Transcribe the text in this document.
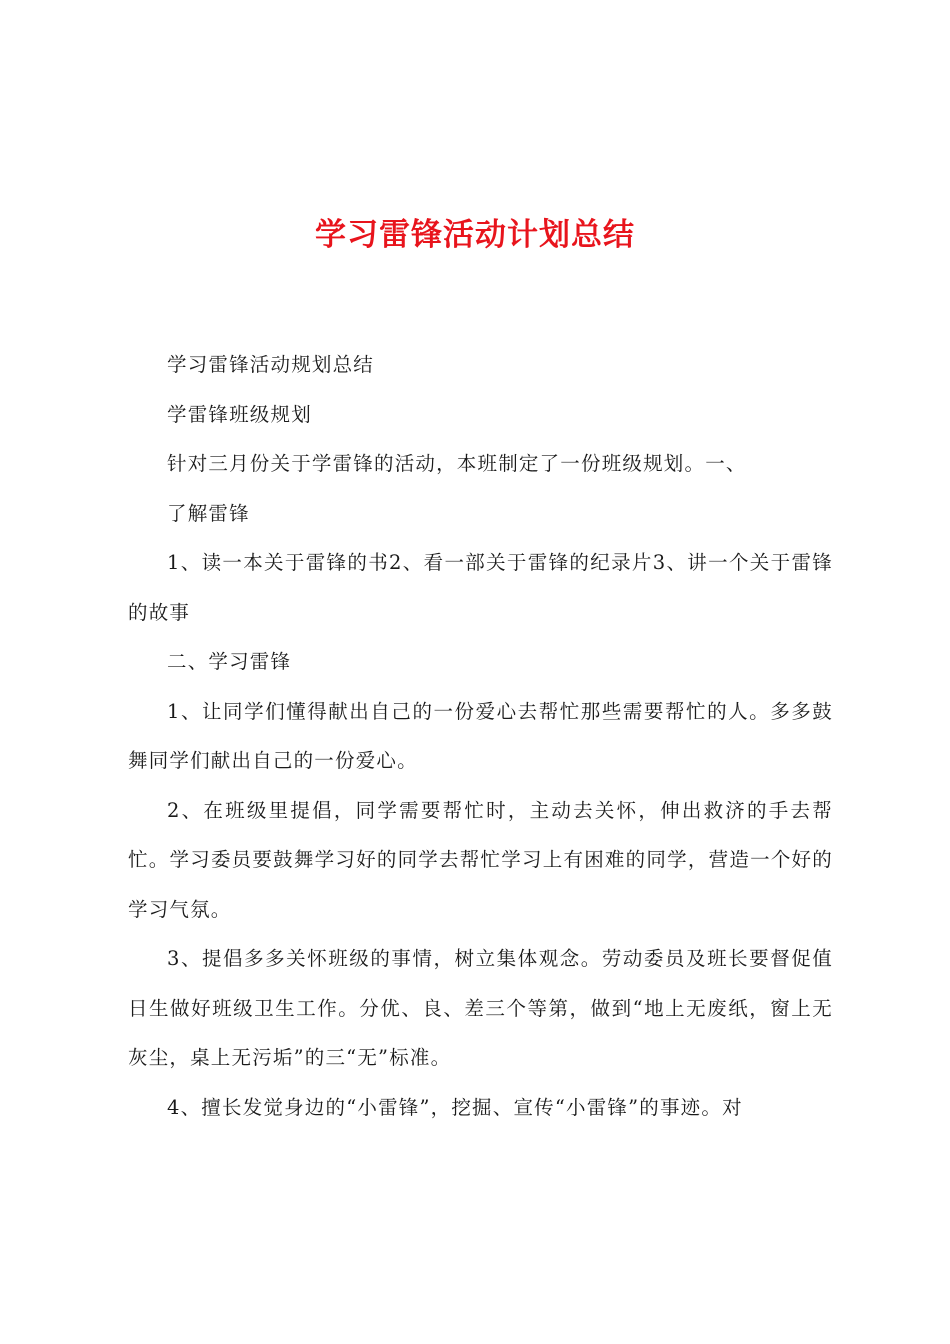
学习雷锋活动计划总结

学习雷锋活动规划总结

学雷锋班级规划

针对三月份关于学雷锋的活动，本班制定了一份班级规划。一、

了解雷锋

1、读一本关于雷锋的书2、看一部关于雷锋的纪录片3、讲一个关于雷锋的故事

二、学习雷锋

1、让同学们懂得献出自己的一份爱心去帮忙那些需要帮忙的人。多多鼓舞同学们献出自己的一份爱心。

2、在班级里提倡，同学需要帮忙时，主动去关怀，伸出救济的手去帮忙。学习委员要鼓舞学习好的同学去帮忙学习上有困难的同学，营造一个好的学习气氛。

3、提倡多多关怀班级的事情，树立集体观念。劳动委员及班长要督促值日生做好班级卫生工作。分优、良、差三个等第，做到“地上无废纸，窗上无灰尘，桌上无污垢”的三“无”标准。

4、擅长发觉身边的“小雷锋”，挖掘、宣传“小雷锋”的事迹。对
